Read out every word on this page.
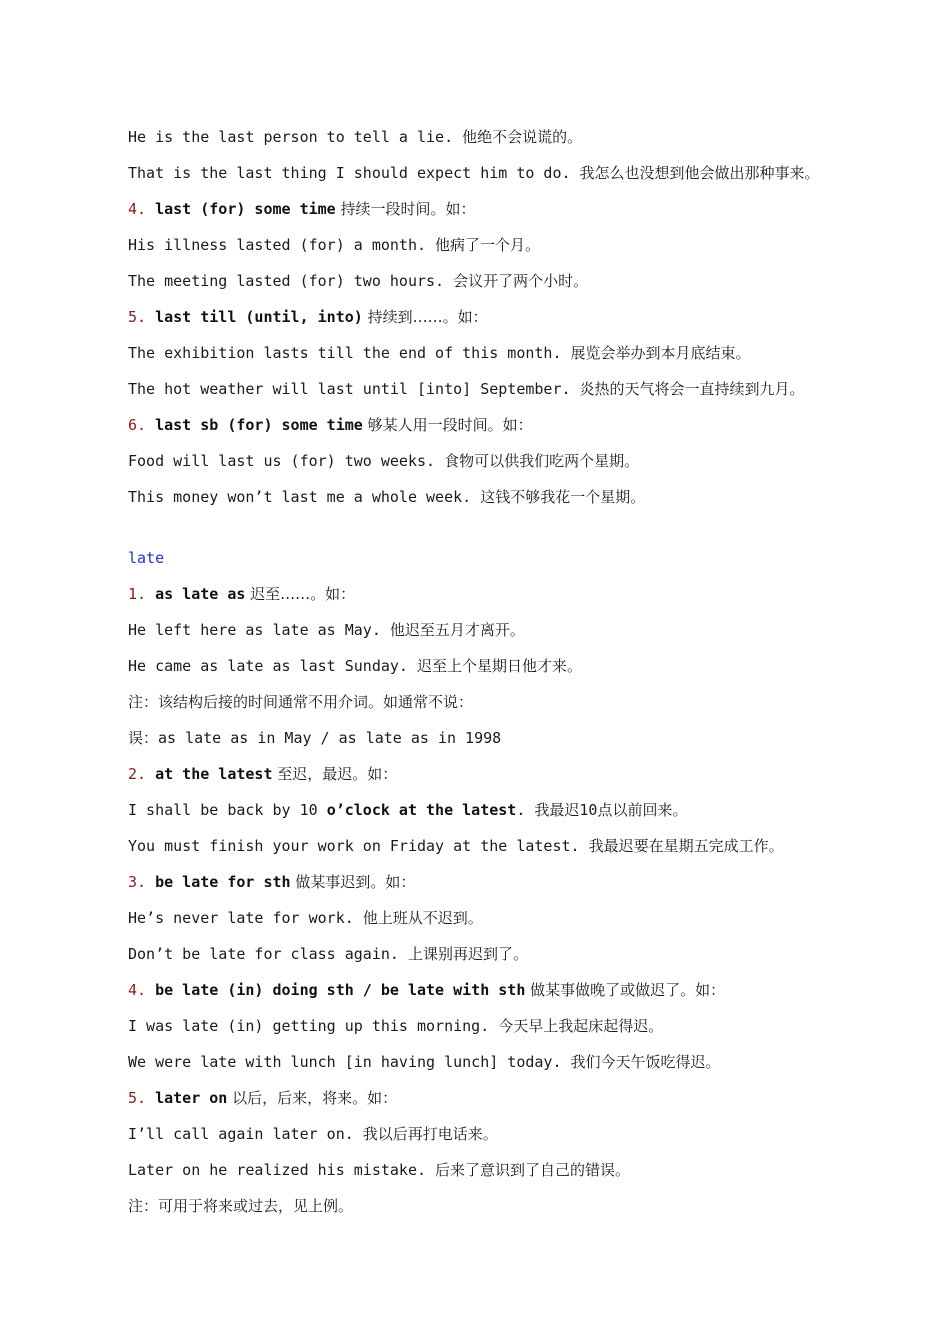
He is the last person to tell a lie. 他绝不会说谎的。
That is the last thing I should expect him to do. 我怎么也没想到他会做出那种事来。
4. last (for) some time 持续一段时间。如：
His illness lasted (for) a month. 他病了一个月。
The meeting lasted (for) two hours. 会议开了两个小时。
5. last till (until, into) 持续到……。如：
The exhibition lasts till the end of this month. 展览会举办到本月底结束。
The hot weather will last until [into] September. 炎热的天气将会一直持续到九月。
6. last sb (for) some time 够某人用一段时间。如：
Food will last us (for) two weeks. 食物可以供我们吃两个星期。
This money won’t last me a whole week. 这钱不够我花一个星期。
late
1. as late as 迟至……。如：
He left here as late as May. 他迟至五月才离开。
He came as late as last Sunday. 迟至上个星期日他才来。
注：该结构后接的时间通常不用介词。如通常不说：
误：as late as in May / as late as in 1998
2. at the latest 至迟，最迟。如：
I shall be back by 10 o’clock at the latest. 我最迟10点以前回来。
You must finish your work on Friday at the latest. 我最迟要在星期五完成工作。
3. be late for sth 做某事迟到。如：
He’s never late for work. 他上班从不迟到。
Don’t be late for class again. 上课别再迟到了。
4. be late (in) doing sth / be late with sth 做某事做晚了或做迟了。如：
I was late (in) getting up this morning. 今天早上我起床起得迟。
We were late with lunch [in having lunch] today. 我们今天午饭吃得迟。
5. later on 以后，后来，将来。如：
I’ll call again later on. 我以后再打电话来。
Later on he realized his mistake. 后来了意识到了自己的错误。
注：可用于将来或过去，见上例。
